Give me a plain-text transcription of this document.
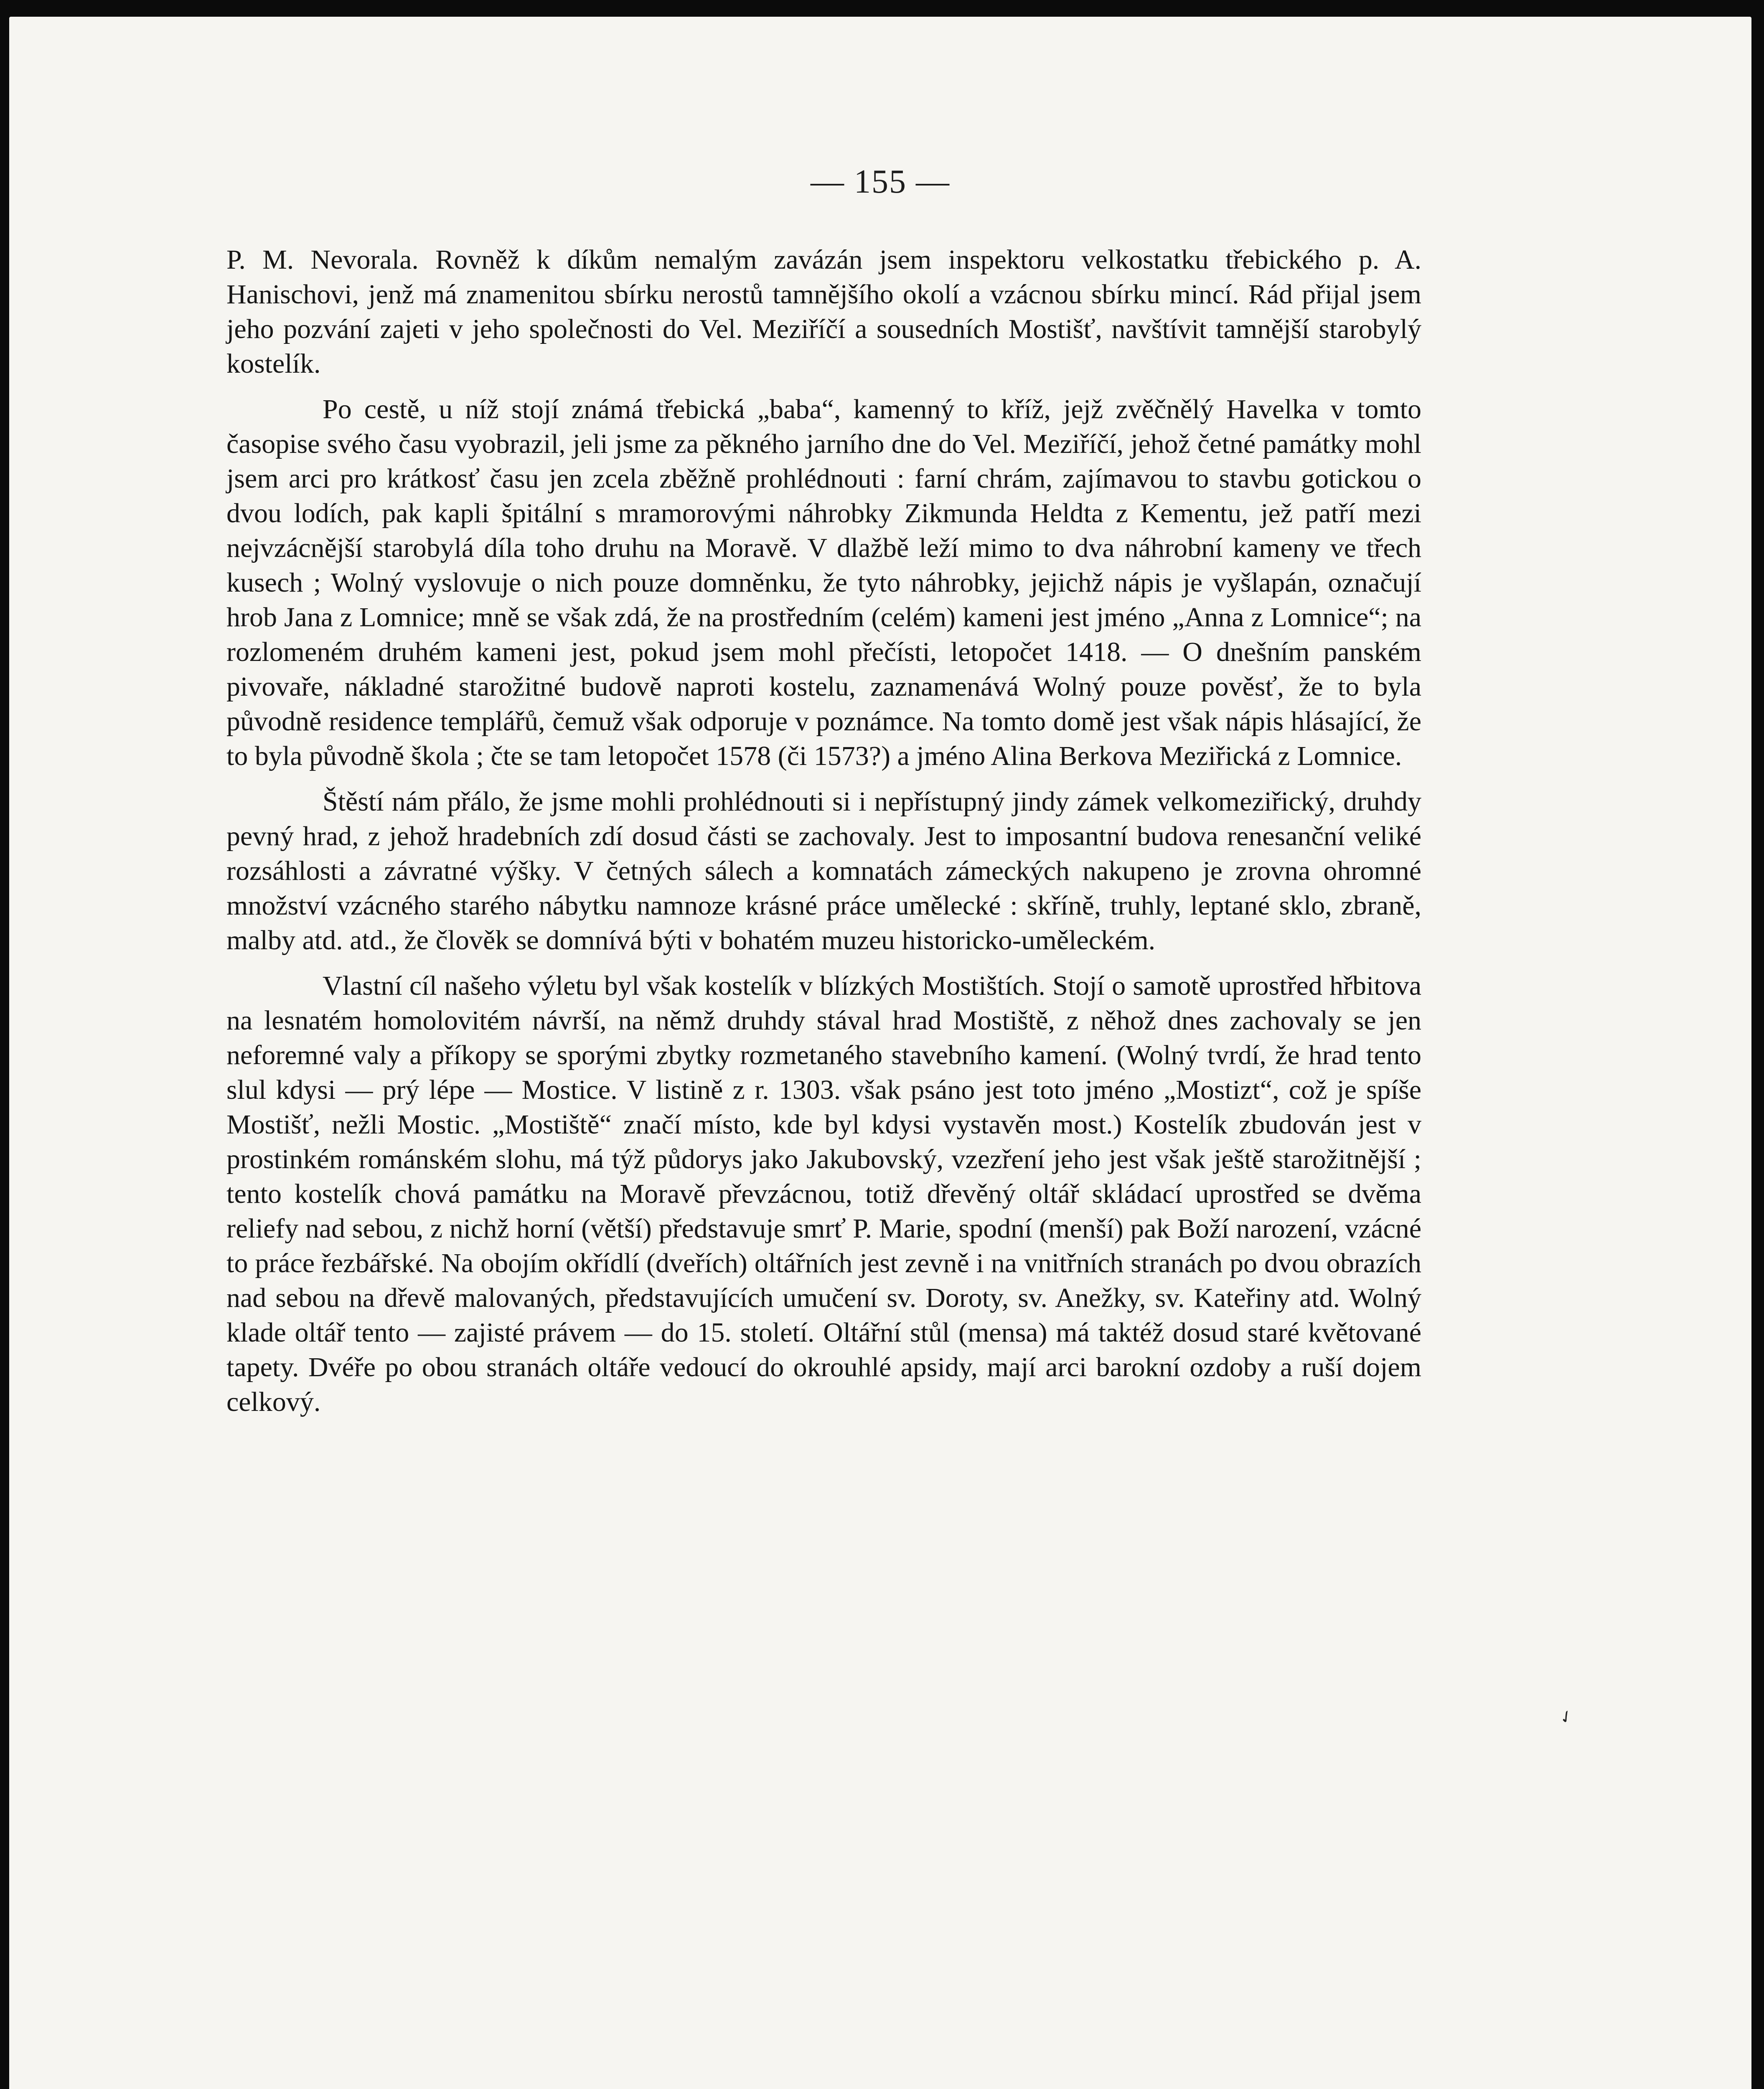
— 155 —

P. M. Nevorala. Rovněž k díkům nemalým zavázán jsem inspektoru velkostatku třebického p. A. Hanischovi, jenž má znamenitou sbírku nerostů tamnějšího okolí a vzácnou sbírku mincí. Rád přijal jsem jeho pozvání zajeti v jeho společnosti do Vel. Meziříčí a sousedních Mostišť, navštívit tamnější starobylý kostelík.

Po cestě, u níž stojí známá třebická „baba“, kamenný to kříž, jejž zvěčnělý Havelka v tomto časopise svého času vyobrazil, jeli jsme za pěkného jarního dne do Vel. Meziříčí, jehož četné památky mohl jsem arci pro krátkosť času jen zcela zběžně prohlédnouti : farní chrám, zajímavou to stavbu gotickou o dvou lodích, pak kapli špitální s mramorovými náhrobky Zikmunda Heldta z Kementu, jež patří mezi nejvzácnější starobylá díla toho druhu na Moravě. V dlažbě leží mimo to dva náhrobní kameny ve třech kusech ; Wolný vyslovuje o nich pouze domněnku, že tyto náhrobky, jejichž nápis je vyšlapán, označují hrob Jana z Lomnice; mně se však zdá, že na prostředním (celém) kameni jest jméno „Anna z Lomnice“; na rozlomeném druhém kameni jest, pokud jsem mohl přečísti, letopočet 1418. — O dnešním panském pivovaře, nákladné starožitné budově naproti kostelu, zaznamenává Wolný pouze pověsť, že to byla původně residence templářů, čemuž však odporuje v poznámce. Na tomto domě jest však nápis hlásající, že to byla původně škola ; čte se tam letopočet 1578 (či 1573?) a jméno Alina Berkova Meziřická z Lomnice.

Štěstí nám přálo, že jsme mohli prohlédnouti si i nepřístupný jindy zámek velkomeziřický, druhdy pevný hrad, z jehož hradebních zdí dosud části se zachovaly. Jest to imposantní budova renesanční veliké rozsáhlosti a závratné výšky. V četných sálech a komnatách zámeckých nakupeno je zrovna ohromné množství vzácného starého nábytku namnoze krásné práce umělecké : skříně, truhly, leptané sklo, zbraně, malby atd. atd., že člověk se domnívá býti v bohatém muzeu historicko-uměleckém.

Vlastní cíl našeho výletu byl však kostelík v blízkých Mostištích. Stojí o samotě uprostřed hřbitova na lesnatém homolovitém návrší, na němž druhdy stával hrad Mostiště, z něhož dnes zachovaly se jen neforemné valy a příkopy se sporými zbytky rozmetaného stavebního kamení. (Wolný tvrdí, že hrad tento slul kdysi — prý lépe — Mostice. V listině z r. 1303. však psáno jest toto jméno „Mostizt“, což je spíše Mostišť, nežli Mostic. „Mostiště“ značí místo, kde byl kdysi vystavěn most.) Kostelík zbudován jest v prostinkém románském slohu, má týž půdorys jako Jakubovský, vzezření jeho jest však ještě starožitnější ; tento kostelík chová památku na Moravě převzácnou, totiž dřevěný oltář skládací uprostřed se dvěma reliefy nad sebou, z nichž horní (větší) představuje smrť P. Marie, spodní (menší) pak Boží narození, vzácné to práce řezbářské. Na obojím okřídlí (dveřích) oltářních jest zevně i na vnitřních stranách po dvou obrazích nad sebou na dřevě malovaných, představujících umučení sv. Doroty, sv. Anežky, sv. Kateřiny atd. Wolný klade oltář tento — zajisté právem — do 15. století. Oltářní stůl (mensa) má taktéž dosud staré květované tapety. Dvéře po obou stranách oltáře vedoucí do okrouhlé apsidy, mají arci barokní ozdoby a ruší dojem celkový.

✓
